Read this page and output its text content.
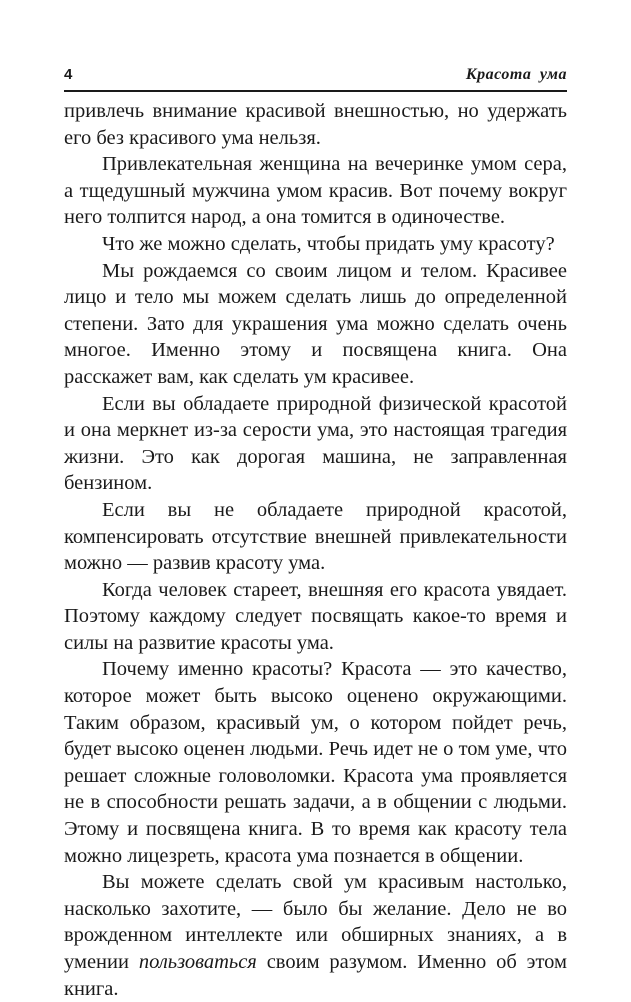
4	Красота ума

привлечь внимание красивой внешностью, но удержать его без красивого ума нельзя.

Привлекательная женщина на вечеринке умом сера, а тщедушный мужчина умом красив. Вот почему вокруг него толпится народ, а она томится в одиночестве.

Что же можно сделать, чтобы придать уму красоту?

Мы рождаемся со своим лицом и телом. Красивее лицо и тело мы можем сделать лишь до определенной степени. Зато для украшения ума можно сделать очень многое. Именно этому и посвящена книга. Она расскажет вам, как сделать ум красивее.

Если вы обладаете природной физической красотой и она меркнет из-за серости ума, это настоящая трагедия жизни. Это как дорогая машина, не заправленная бензином.

Если вы не обладаете природной красотой, компенсировать отсутствие внешней привлекательности можно — развив красоту ума.

Когда человек стареет, внешняя его красота увядает. Поэтому каждому следует посвящать какое-то время и силы на развитие красоты ума.

Почему именно красоты? Красота — это качество, которое может быть высоко оценено окружающими. Таким образом, красивый ум, о котором пойдет речь, будет высоко оценен людьми. Речь идет не о том уме, что решает сложные головоломки. Красота ума проявляется не в способности решать задачи, а в общении с людьми. Этому и посвящена книга. В то время как красоту тела можно лицезреть, красота ума познается в общении.

Вы можете сделать свой ум красивым настолько, насколько захотите, — было бы желание. Дело не во врожденном интеллекте или обширных знаниях, а в умении пользоваться своим разумом. Именно об этом книга.
